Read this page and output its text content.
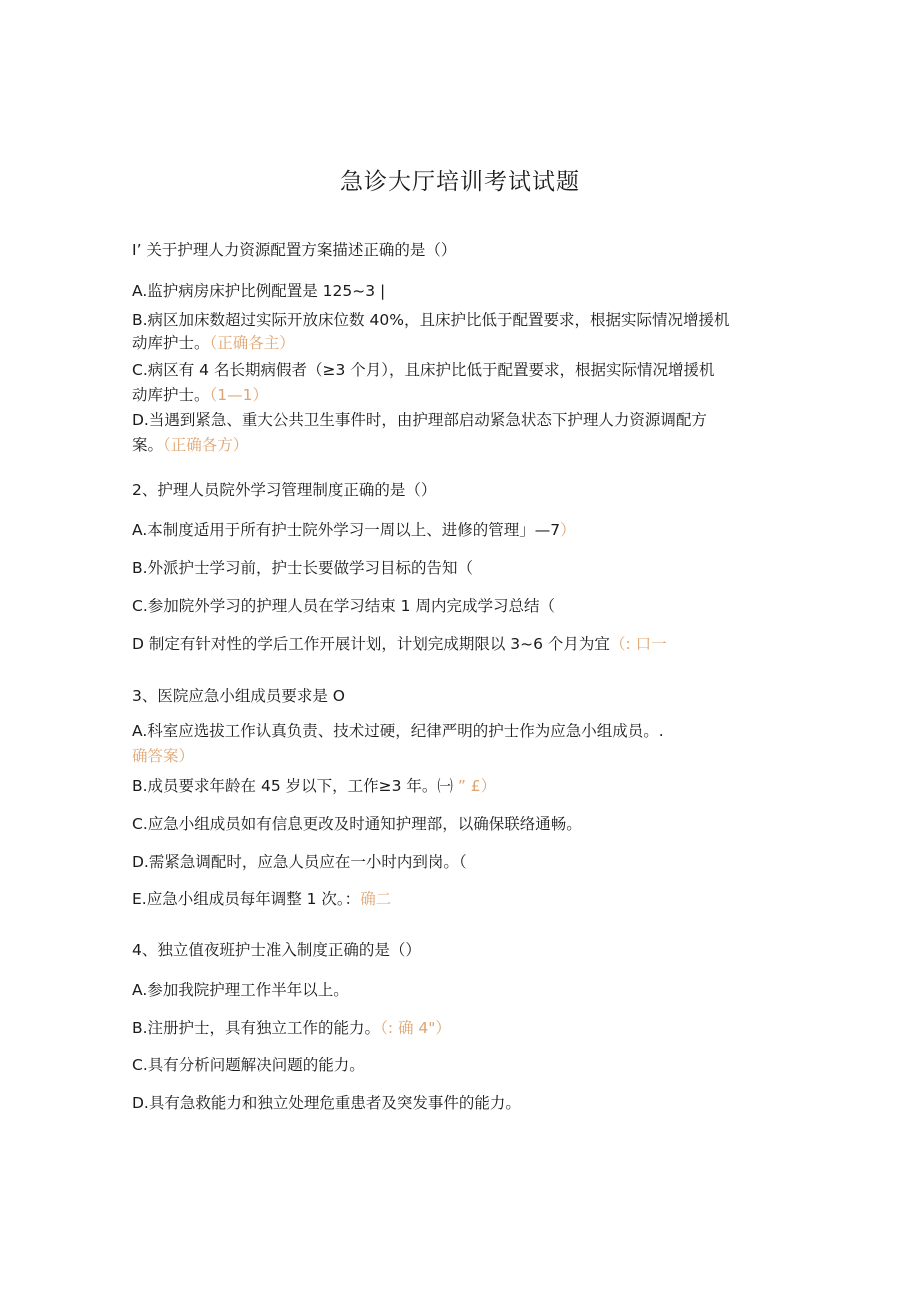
急诊大厅培训考试试题
I’ 关于护理人力资源配置方案描述正确的是（）
A.监护病房床护比例配置是 125~3 |
B.病区加床数超过实际开放床位数 40%，且床护比低于配置要求，根据实际情况增援机
动库护士。（正确各主）
C.病区有 4 名长期病假者（≥3 个月），且床护比低于配置要求，根据实际情况增援机
动库护士。（1—1）
D.当遇到紧急、重大公共卫生事件时，由护理部启动紧急状态下护理人力资源调配方
案。（正确各方）
2、护理人员院外学习管理制度正确的是（）
A.本制度适用于所有护士院外学习一周以上、进修的管理」—7）
B.外派护士学习前，护士长要做学习目标的告知（
C.参加院外学习的护理人员在学习结束 1 周内完成学习总结（
D 制定有针对性的学后工作开展计划，计划完成期限以 3~6 个月为宜（: 口一
3、医院应急小组成员要求是 O
A.科室应选拔工作认真负责、技术过硬，纪律严明的护士作为应急小组成员。.
确答案）
B.成员要求年龄在 45 岁以下，工作≥3 年。㈠ ” £）
C.应急小组成员如有信息更改及时通知护理部，以确保联络通畅。
D.需紧急调配时，应急人员应在一小时内到岗。（
E.应急小组成员每年调整 1 次。：确二
4、独立值夜班护士准入制度正确的是（）
A.参加我院护理工作半年以上。
B.注册护士，具有独立工作的能力。（: 确 4"）
C.具有分析问题解决问题的能力。
D.具有急救能力和独立处理危重患者及突发事件的能力。
